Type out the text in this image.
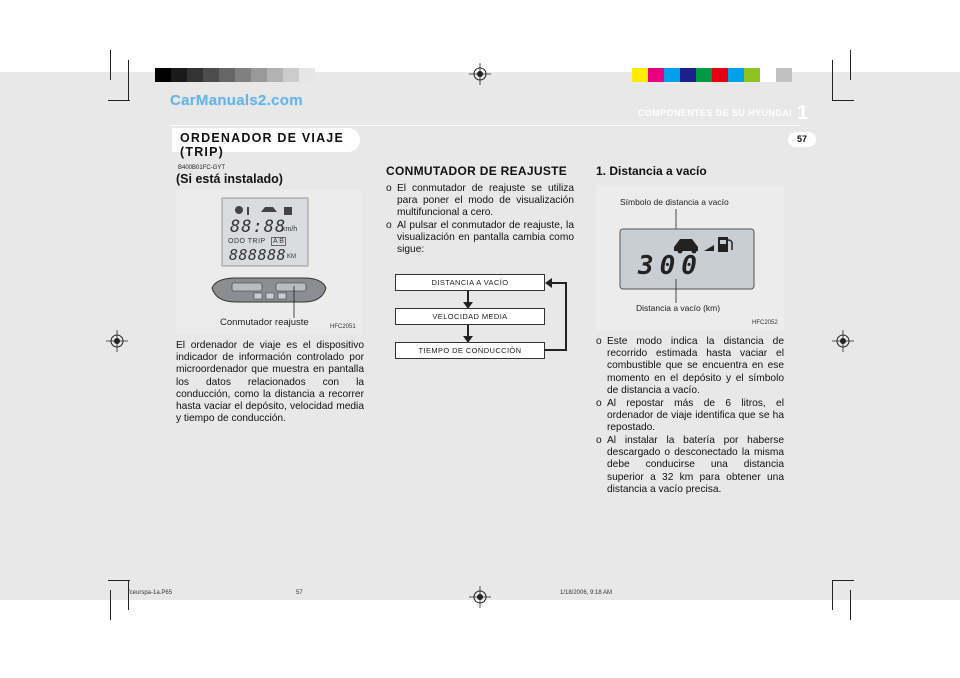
CarManuals2.com
COMPONENTES DE SU HYUNDAI 1
57
ORDENADOR DE VIAJE
(TRIP)
B400B01FC-GYT
(Si está instalado)
88:88
km/h
ODO TRIP A B
888888 KM
Conmutador reajuste	HFC2051
El ordenador de viaje es el dispositivo indicador de información controlado por microordenador que muestra en pantalla los datos relacionados con la conducción, como la distancia a recorrer hasta vaciar el depósito, velocidad media y tiempo de conducción.
CONMUTADOR DE REAJUSTE
o El conmutador de reajuste se utiliza para poner el modo de visualización multifuncional a cero.
o Al pulsar el conmutador de reajuste, la visualización en pantalla cambia como sigue:
DISTANCIA A VACÍO
VELOCIDAD MEDIA
TIEMPO DE CONDUCCIÓN
1. Distancia a vacío
Símbolo de distancia a vacío
300
Distancia a vacío (km)
HFC2052
o Este modo indica la distancia de recorrido estimada hasta vaciar el combustible que se encuentra en ese momento en el depósito y el símbolo de distancia a vacío.
o Al repostar más de 6 litros, el ordenador de viaje identifica que se ha repostado.
o Al instalar la batería por haberse descargado o desconectado la misma debe conducirse una distancia superior a 32 km para obtener una distancia a vacío precisa.
fceurspa-1a.P65	57	1/18/2006, 9:18 AM
